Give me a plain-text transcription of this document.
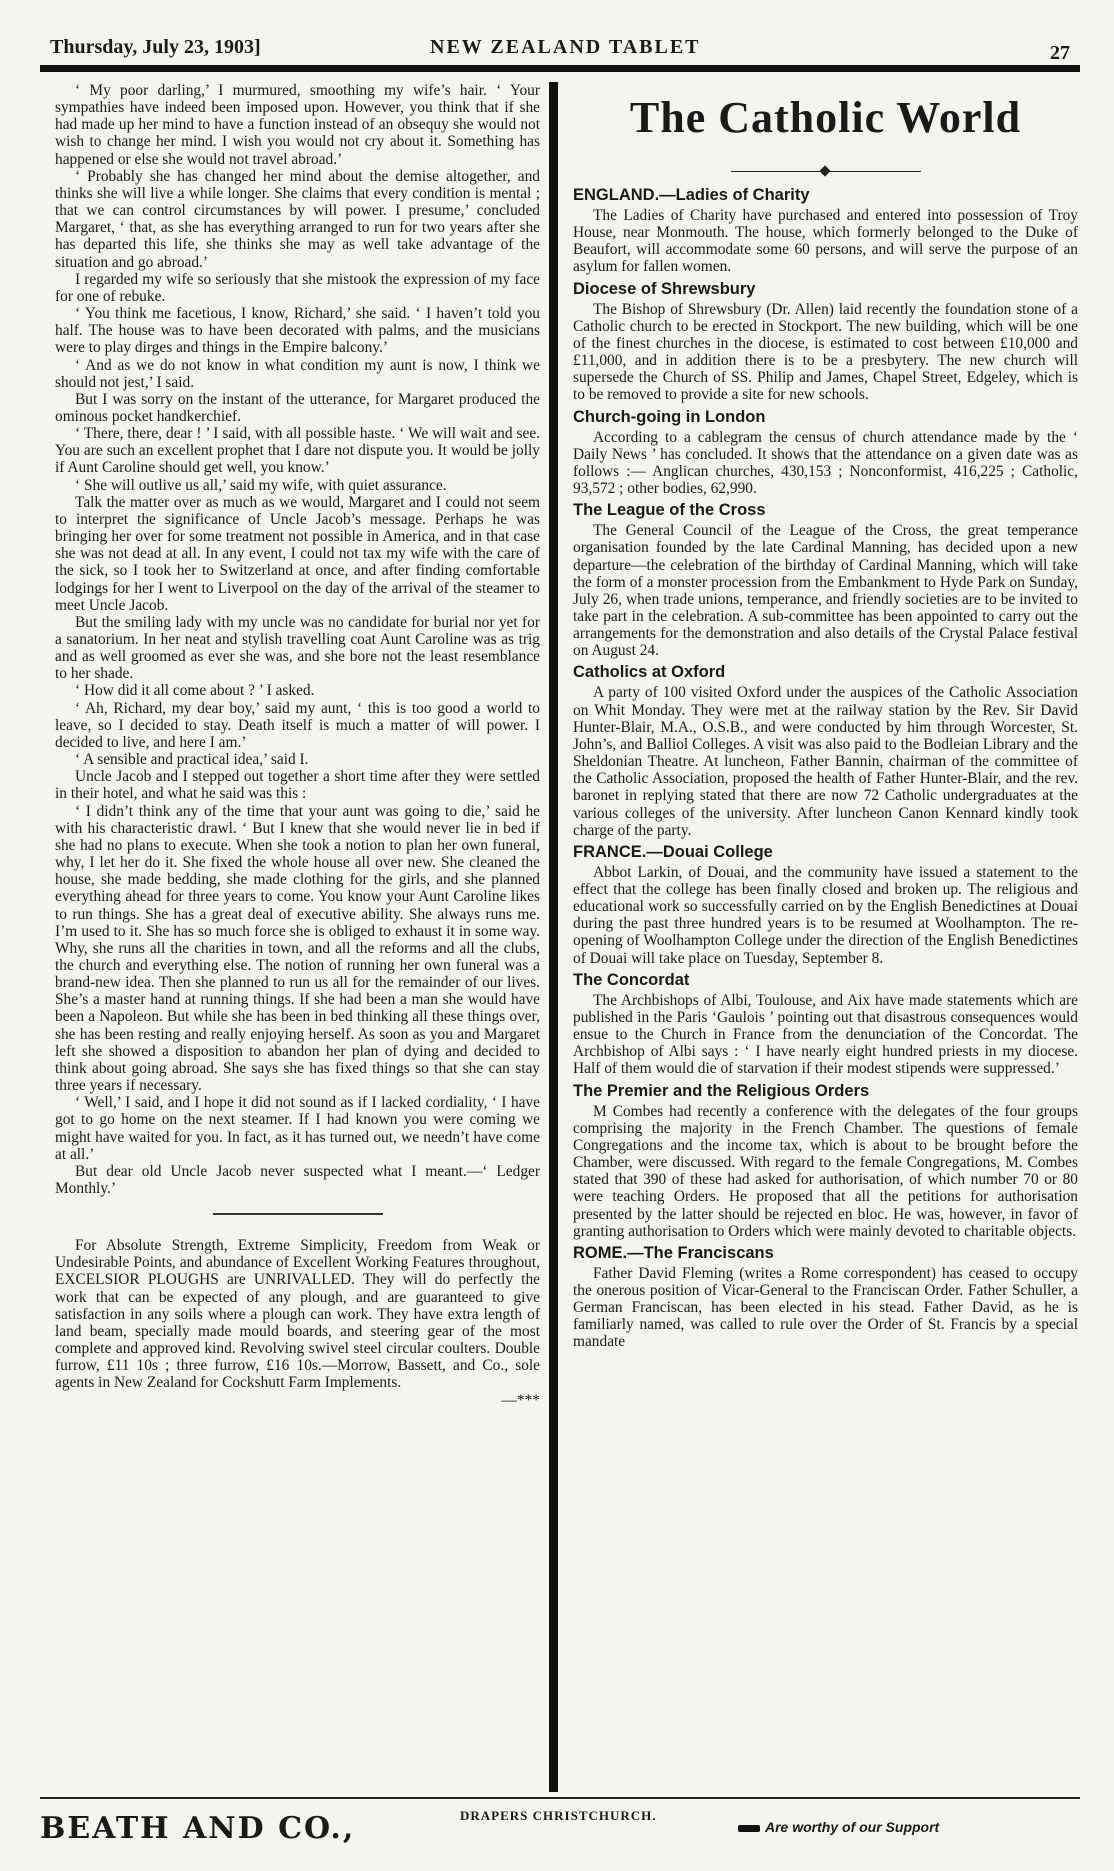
Thursday, July 23, 1903]	NEW ZEALAND TABLET	27

‘ My poor darling,’ I murmured, smoothing my wife’s hair. ‘ Your sympathies have indeed been imposed upon. However, you think that if she had made up her mind to have a function instead of an obsequy she would not wish to change her mind. I wish you would not cry about it. Something has happened or else she would not travel abroad.’

‘ Probably she has changed her mind about the demise altogether, and thinks she will live a while longer. She claims that every condition is mental ; that we can control circumstances by will power. I presume,’ concluded Margaret, ‘ that, as she has everything arranged to run for two years after she has departed this life, she thinks she may as well take advantage of the situation and go abroad.’

I regarded my wife so seriously that she mistook the expression of my face for one of rebuke.

‘ You think me facetious, I know, Richard,’ she said. ‘ I haven’t told you half. The house was to have been decorated with palms, and the musicians were to play dirges and things in the Empire balcony.’

‘ And as we do not know in what condition my aunt is now, I think we should not jest,’ I said.

But I was sorry on the instant of the utterance, for Margaret produced the ominous pocket handkerchief.

‘ There, there, dear ! ’ I said, with all possible haste. ‘ We will wait and see. You are such an excellent prophet that I dare not dispute you. It would be jolly if Aunt Caroline should get well, you know.’

‘ She will outlive us all,’ said my wife, with quiet assurance.

Talk the matter over as much as we would, Margaret and I could not seem to interpret the significance of Uncle Jacob’s message. Perhaps he was bringing her over for some treatment not possible in America, and in that case she was not dead at all. In any event, I could not tax my wife with the care of the sick, so I took her to Switzerland at once, and after finding comfortable lodgings for her I went to Liverpool on the day of the arrival of the steamer to meet Uncle Jacob.

But the smiling lady with my uncle was no candidate for burial nor yet for a sanatorium. In her neat and stylish travelling coat Aunt Caroline was as trig and as well groomed as ever she was, and she bore not the least resemblance to her shade.

‘ How did it all come about ? ’ I asked.

‘ Ah, Richard, my dear boy,’ said my aunt, ‘ this is too good a world to leave, so I decided to stay. Death itself is much a matter of will power. I decided to live, and here I am.’

‘ A sensible and practical idea,’ said I.

Uncle Jacob and I stepped out together a short time after they were settled in their hotel, and what he said was this :

‘ I didn’t think any of the time that your aunt was going to die,’ said he with his characteristic drawl. ‘ But I knew that she would never lie in bed if she had no plans to execute. When she took a notion to plan her own funeral, why, I let her do it. She fixed the whole house all over new. She cleaned the house, she made bedding, she made clothing for the girls, and she planned everything ahead for three years to come. You know your Aunt Caroline likes to run things. She has a great deal of executive ability. She always runs me. I’m used to it. She has so much force she is obliged to exhaust it in some way. Why, she runs all the charities in town, and all the reforms and all the clubs, the church and everything else. The notion of running her own funeral was a brand-new idea. Then she planned to run us all for the remainder of our lives. She’s a master hand at running things. If she had been a man she would have been a Napoleon. But while she has been in bed thinking all these things over, she has been resting and really enjoying herself. As soon as you and Margaret left she showed a disposition to abandon her plan of dying and decided to think about going abroad. She says she has fixed things so that she can stay three years if necessary.

‘ Well,’ I said, and I hope it did not sound as if I lacked cordiality, ‘ I have got to go home on the next steamer. If I had known you were coming we might have waited for you. In fact, as it has turned out, we needn’t have come at all.’

But dear old Uncle Jacob never suspected what I meant.—‘ Ledger Monthly.’

For Absolute Strength, Extreme Simplicity, Freedom from Weak or Undesirable Points, and abundance of Excellent Working Features throughout, EXCELSIOR PLOUGHS are UNRIVALLED. They will do perfectly the work that can be expected of any plough, and are guaranteed to give satisfaction in any soils where a plough can work. They have extra length of land beam, specially made mould boards, and steering gear of the most complete and approved kind. Revolving swivel steel circular coulters. Double furrow, £11 10s ; three furrow, £16 10s.—Morrow, Bassett, and Co., sole agents in New Zealand for Cockshutt Farm Implements.

—***
The Catholic World
ENGLAND.—Ladies of Charity

The Ladies of Charity have purchased and entered into possession of Troy House, near Monmouth. The house, which formerly belonged to the Duke of Beaufort, will accommodate some 60 persons, and will serve the purpose of an asylum for fallen women.

Diocese of Shrewsbury

The Bishop of Shrewsbury (Dr. Allen) laid recently the foundation stone of a Catholic church to be erected in Stockport. The new building, which will be one of the finest churches in the diocese, is estimated to cost between £10,000 and £11,000, and in addition there is to be a presbytery. The new church will supersede the Church of SS. Philip and James, Chapel Street, Edgeley, which is to be removed to provide a site for new schools.

Church-going in London

According to a cablegram the census of church attendance made by the ‘ Daily News ’ has concluded. It shows that the attendance on a given date was as follows :— Anglican churches, 430,153 ; Nonconformist, 416,225 ; Catholic, 93,572 ; other bodies, 62,990.

The League of the Cross

The General Council of the League of the Cross, the great temperance organisation founded by the late Cardinal Manning, has decided upon a new departure—the celebration of the birthday of Cardinal Manning, which will take the form of a monster procession from the Embankment to Hyde Park on Sunday, July 26, when trade unions, temperance, and friendly societies are to be invited to take part in the celebration. A sub-committee has been appointed to carry out the arrangements for the demonstration and also details of the Crystal Palace festival on August 24.

Catholics at Oxford

A party of 100 visited Oxford under the auspices of the Catholic Association on Whit Monday. They were met at the railway station by the Rev. Sir David Hunter-Blair, M.A., O.S.B., and were conducted by him through Worcester, St. John’s, and Balliol Colleges. A visit was also paid to the Bodleian Library and the Sheldonian Theatre. At luncheon, Father Bannin, chairman of the committee of the Catholic Association, proposed the health of Father Hunter-Blair, and the rev. baronet in replying stated that there are now 72 Catholic undergraduates at the various colleges of the university. After luncheon Canon Kennard kindly took charge of the party.

FRANCE.—Douai College

Abbot Larkin, of Douai, and the community have issued a statement to the effect that the college has been finally closed and broken up. The religious and educational work so successfully carried on by the English Benedictines at Douai during the past three hundred years is to be resumed at Woolhampton. The re-opening of Woolhampton College under the direction of the English Benedictines of Douai will take place on Tuesday, September 8.

The Concordat

The Archbishops of Albi, Toulouse, and Aix have made statements which are published in the Paris ‘Gaulois ’ pointing out that disastrous consequences would ensue to the Church in France from the denunciation of the Concordat. The Archbishop of Albi says : ‘ I have nearly eight hundred priests in my diocese. Half of them would die of starvation if their modest stipends were suppressed.’

The Premier and the Religious Orders

M Combes had recently a conference with the delegates of the four groups comprising the majority in the French Chamber. The questions of female Congregations and the income tax, which is about to be brought before the Chamber, were discussed. With regard to the female Congregations, M. Combes stated that 390 of these had asked for authorisation, of which number 70 or 80 were teaching Orders. He proposed that all the petitions for authorisation presented by the latter should be rejected en bloc. He was, however, in favor of granting authorisation to Orders which were mainly devoted to charitable objects.

ROME.—The Franciscans

Father David Fleming (writes a Rome correspondent) has ceased to occupy the onerous position of Vicar-General to the Franciscan Order. Father Schuller, a German Franciscan, has been elected in his stead. Father David, as he is familiarly named, was called to rule over the Order of St. Francis by a special mandate

BEATH AND CO.,	DRAPERS CHRISTCHURCH.
Are worthy of our Support
